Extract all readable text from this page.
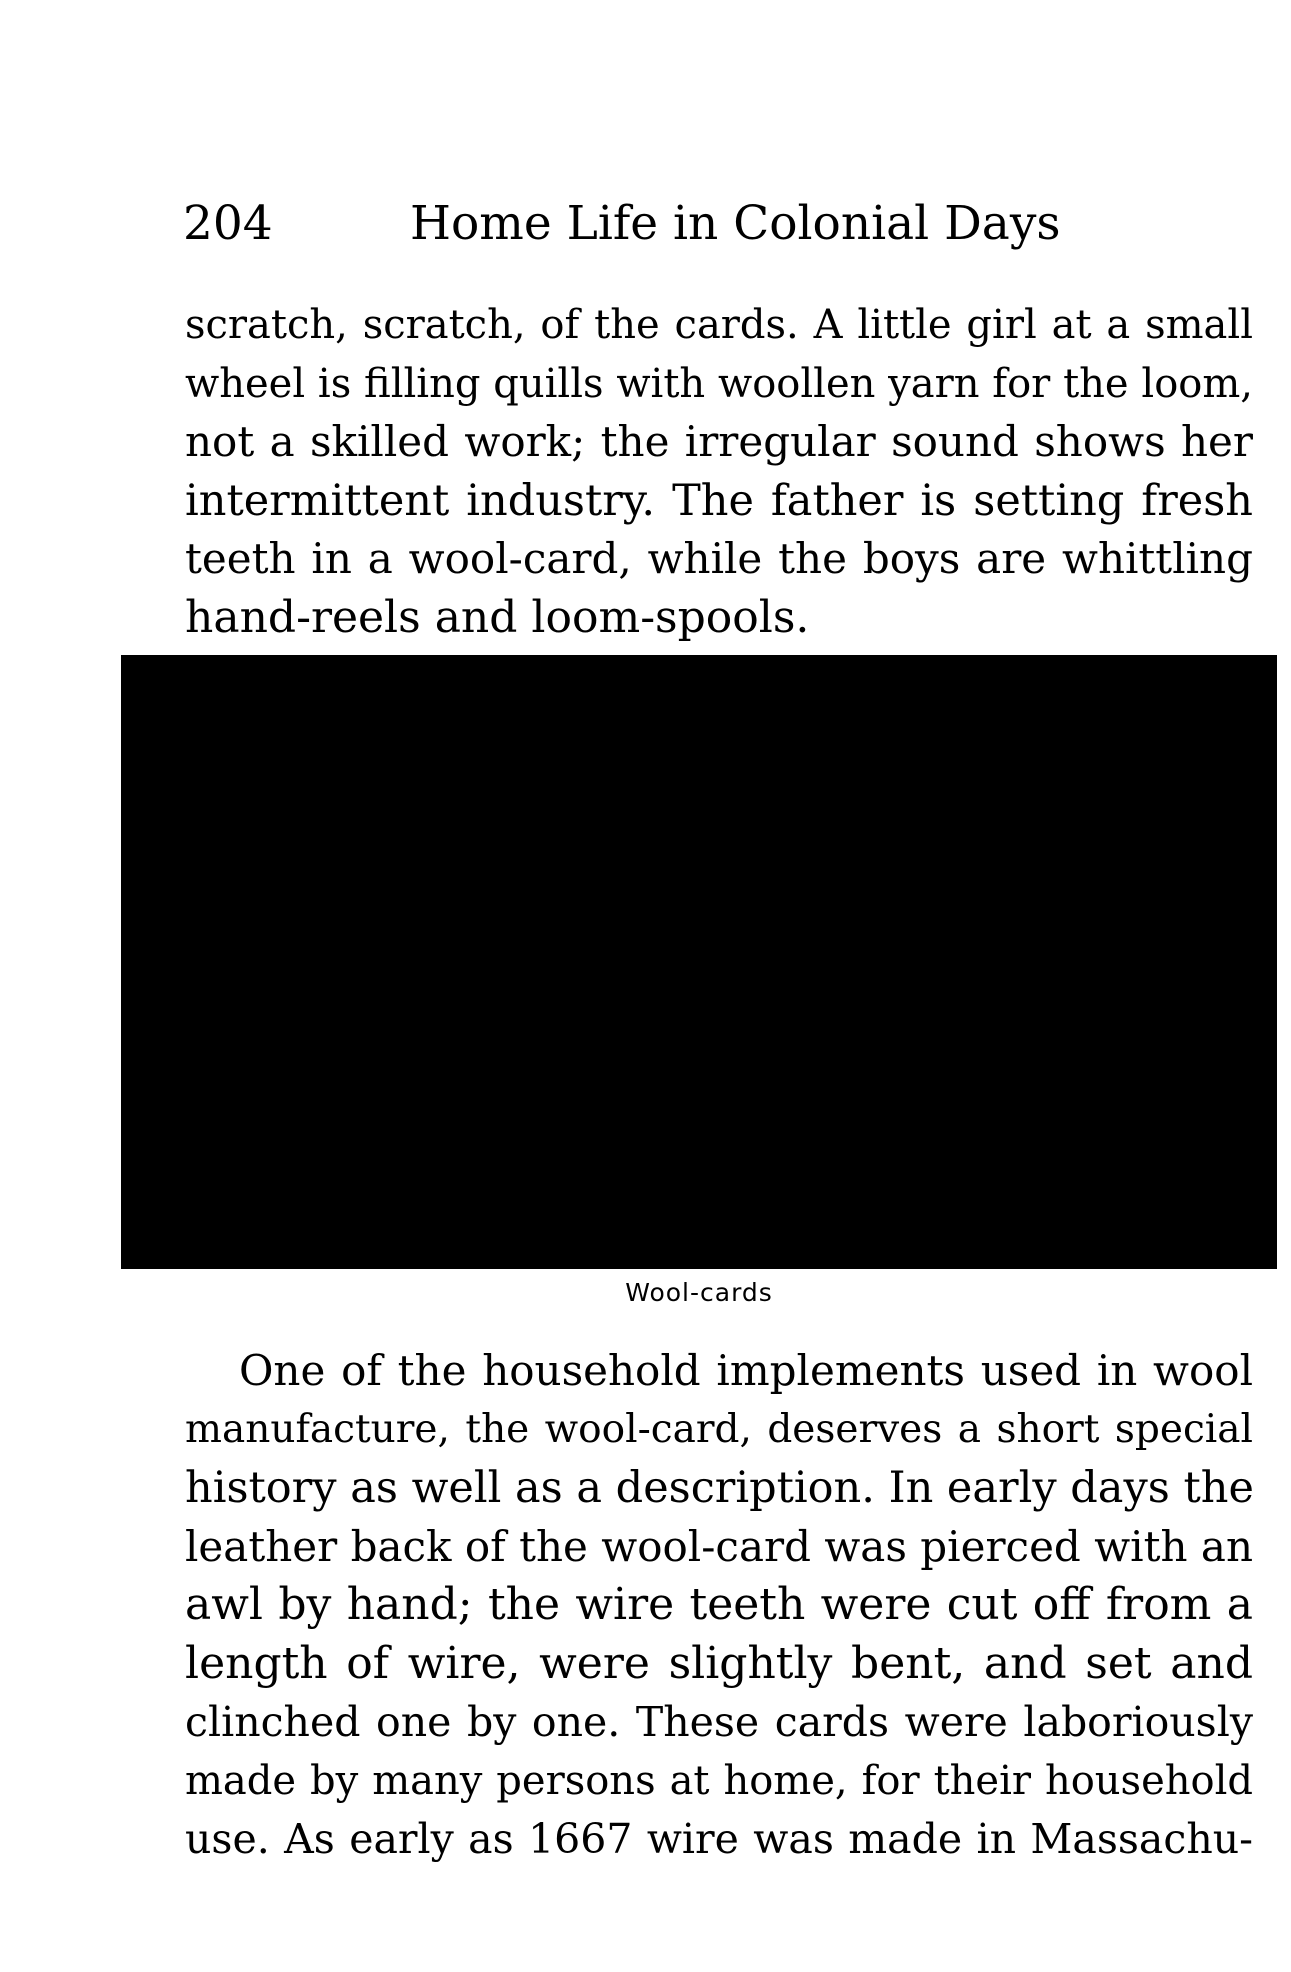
204	Home Life in Colonial Days
scratch, scratch, of the cards. A little girl at a small
wheel is filling quills with woollen yarn for the loom,
not a skilled work; the irregular sound shows her
intermittent industry. The father is setting fresh
teeth in a wool-card, while the boys are whittling
hand-reels and loom-spools.
Wool-cards
One of the household implements used in wool
manufacture, the wool-card, deserves a short special
history as well as a description. In early days the
leather back of the wool-card was pierced with an
awl by hand; the wire teeth were cut off from a
length of wire, were slightly bent, and set and
clinched one by one. These cards were laboriously
made by many persons at home, for their household
use. As early as 1667 wire was made in Massachu-
